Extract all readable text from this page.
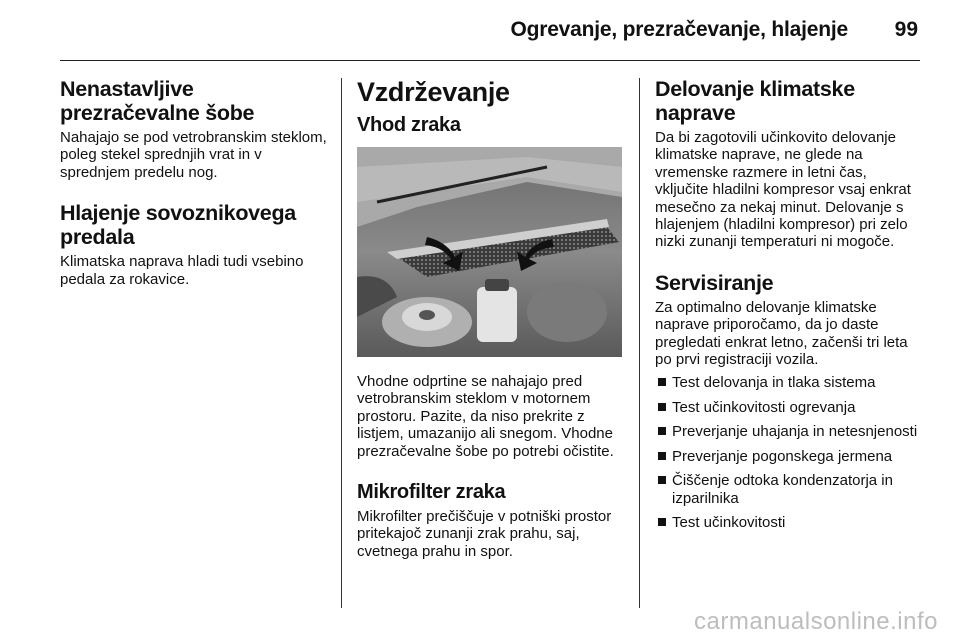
Ogrevanje, prezračevanje, hlajenje 99
Nenastavljive prezračevalne šobe

Nahajajo se pod vetrobranskim steklom, poleg stekel sprednjih vrat in v sprednjem predelu nog.

Hlajenje sovoznikovega predala

Klimatska naprava hladi tudi vsebino pedala za rokavice.

Vzdrževanje
Vhod zraka

Vhodne odprtine se nahajajo pred vetrobranskim steklom v motornem prostoru. Pazite, da niso prekrite z listjem, umazanijo ali snegom. Vhodne prezračevalne šobe po potrebi očistite.

Mikrofilter zraka

Mikrofilter prečiščuje v potniški prostor pritekajoč zunanji zrak prahu, saj, cvetnega prahu in spor.

Delovanje klimatske naprave

Da bi zagotovili učinkovito delovanje klimatske naprave, ne glede na vremenske razmere in letni čas, vključite hladilni kompresor vsaj enkrat mesečno za nekaj minut. Delovanje s hlajenjem (hladilni kompresor) pri zelo nizki zunanji temperaturi ni mogoče.

Servisiranje

Za optimalno delovanje klimatske naprave priporočamo, da jo daste pregledati enkrat letno, začenši tri leta po prvi registraciji vozila.

Test delovanja in tlaka sistema
Test učinkovitosti ogrevanja
Preverjanje uhajanja in netesnjenosti
Preverjanje pogonskega jermena
Čiščenje odtoka kondenzatorja in izparilnika
Test učinkovitosti
carmanualsonline.info
